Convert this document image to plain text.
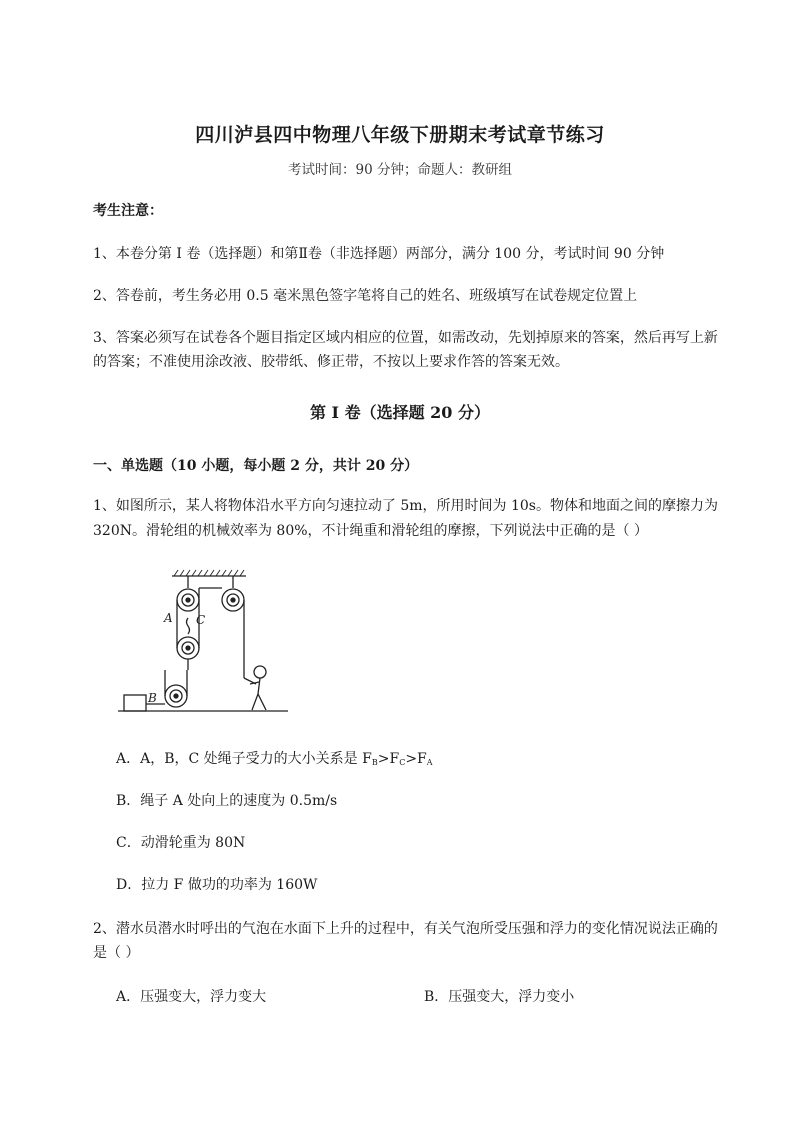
四川泸县四中物理八年级下册期末考试章节练习
考试时间：90 分钟；命题人：教研组
考生注意：
1、本卷分第 I 卷（选择题）和第Ⅱ卷（非选择题）两部分，满分 100 分，考试时间 90 分钟
2、答卷前，考生务必用 0.5 毫米黑色签字笔将自己的姓名、班级填写在试卷规定位置上
3、答案必须写在试卷各个题目指定区域内相应的位置，如需改动，先划掉原来的答案，然后再写上新
的答案；不准使用涂改液、胶带纸、修正带，不按以上要求作答的答案无效。
第 I 卷（选择题 20 分）
一、单选题（10 小题，每小题 2 分，共计 20 分）
1、如图所示，某人将物体沿水平方向匀速拉动了 5m，所用时间为 10s。物体和地面之间的摩擦力为
320N。滑轮组的机械效率为 80%，不计绳重和滑轮组的摩擦，下列说法中正确的是（ ）
A C
B
A．A，B，C 处绳子受力的大小关系是 $F_B>F_C>F_A$
B．绳子 A 处向上的速度为 0.5m/s
C．动滑轮重为 80N
D．拉力 F 做功的功率为 160W
2、潜水员潜水时呼出的气泡在水面下上升的过程中，有关气泡所受压强和浮力的变化情况说法正确的
是（ ）
A．压强变大，浮力变大	B．压强变大，浮力变小
